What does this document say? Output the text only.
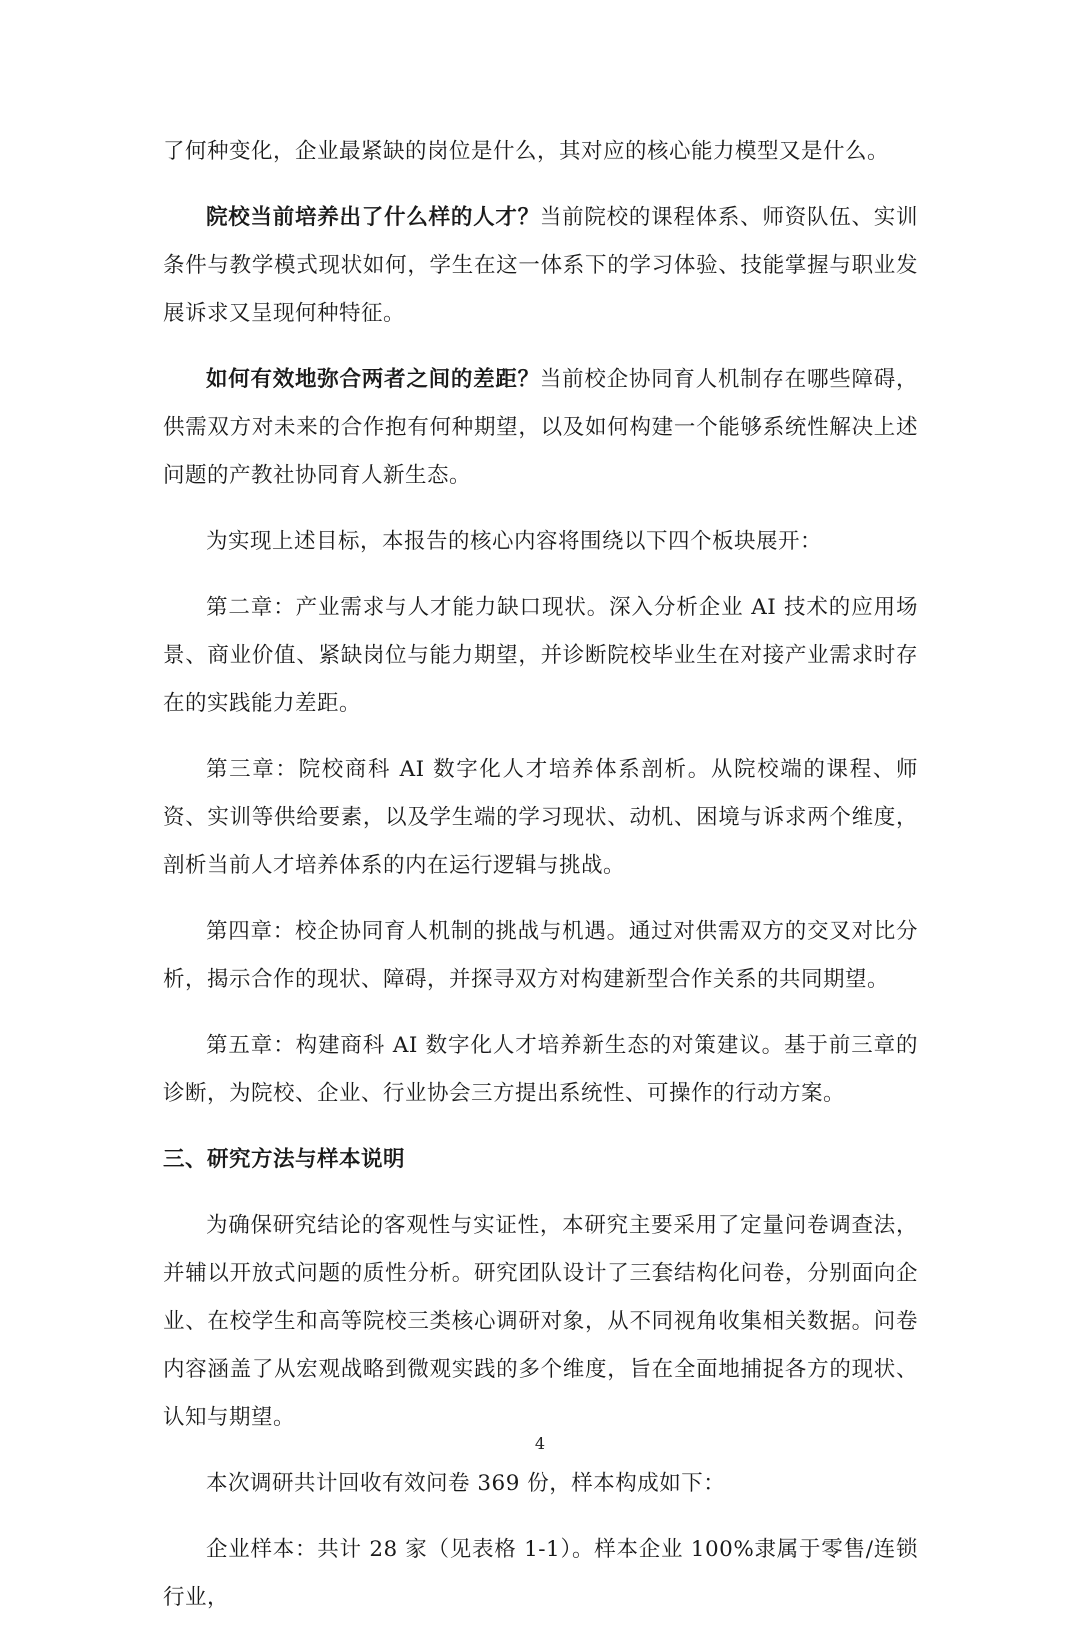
了何种变化，企业最紧缺的岗位是什么，其对应的核心能力模型又是什么。

院校当前培养出了什么样的人才？当前院校的课程体系、师资队伍、实训条件与教学模式现状如何，学生在这一体系下的学习体验、技能掌握与职业发展诉求又呈现何种特征。

如何有效地弥合两者之间的差距？当前校企协同育人机制存在哪些障碍，供需双方对未来的合作抱有何种期望，以及如何构建一个能够系统性解决上述问题的产教社协同育人新生态。

为实现上述目标，本报告的核心内容将围绕以下四个板块展开：

第二章：产业需求与人才能力缺口现状。深入分析企业 AI 技术的应用场景、商业价值、紧缺岗位与能力期望，并诊断院校毕业生在对接产业需求时存在的实践能力差距。

第三章：院校商科 AI 数字化人才培养体系剖析。从院校端的课程、师资、实训等供给要素，以及学生端的学习现状、动机、困境与诉求两个维度，剖析当前人才培养体系的内在运行逻辑与挑战。

第四章：校企协同育人机制的挑战与机遇。通过对供需双方的交叉对比分析，揭示合作的现状、障碍，并探寻双方对构建新型合作关系的共同期望。

第五章：构建商科 AI 数字化人才培养新生态的对策建议。基于前三章的诊断，为院校、企业、行业协会三方提出系统性、可操作的行动方案。

三、研究方法与样本说明

为确保研究结论的客观性与实证性，本研究主要采用了定量问卷调查法，并辅以开放式问题的质性分析。研究团队设计了三套结构化问卷，分别面向企业、在校学生和高等院校三类核心调研对象，从不同视角收集相关数据。问卷内容涵盖了从宏观战略到微观实践的多个维度，旨在全面地捕捉各方的现状、认知与期望。

本次调研共计回收有效问卷 369 份，样本构成如下：

企业样本：共计 28 家（见表格 1-1）。样本企业 100%隶属于零售/连锁行业，

4
